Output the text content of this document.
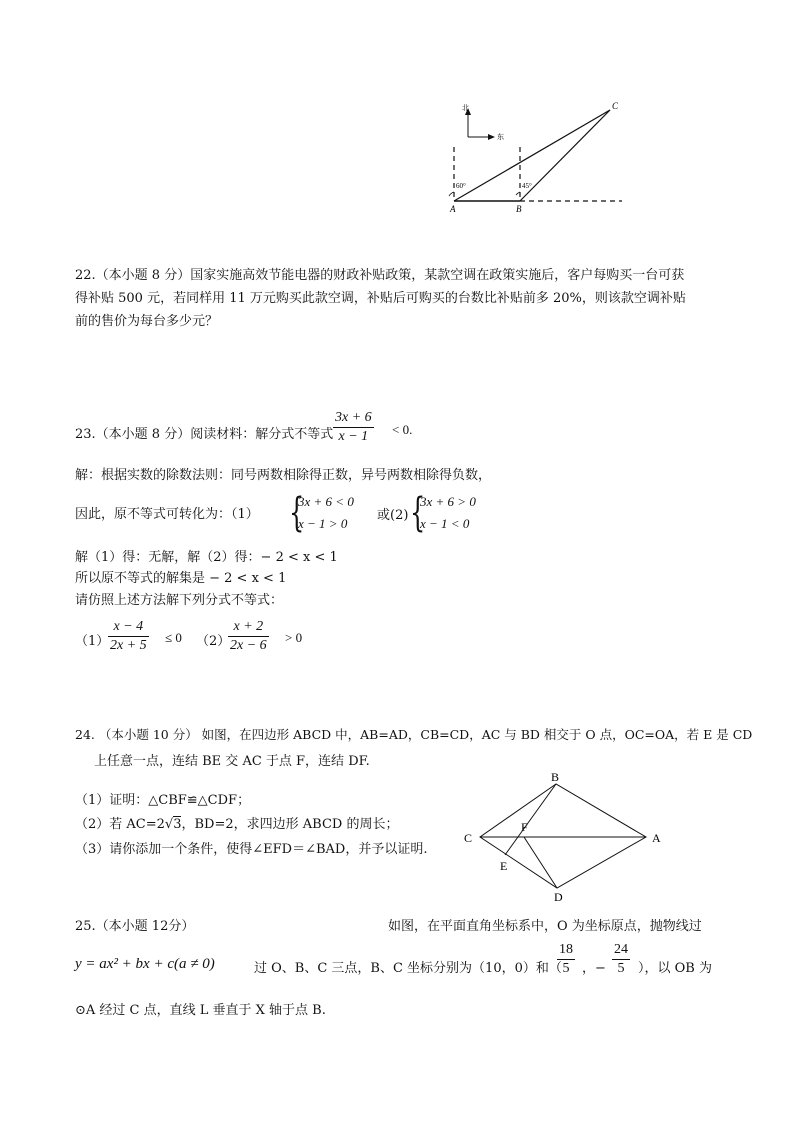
北
东
60°	45°
A	B
C
22.（本小题 8 分）国家实施高效节能电器的财政补贴政策，某款空调在政策实施后，客户每购买一台可获
得补贴 500 元，若同样用 11 万元购买此款空调，补贴后可购买的台数比补贴前多 20%，则该款空调补贴
前的售价为每台多少元？
23.（本小题 8 分）阅读材料：解分式不等式
3x + 6
x − 1	< 0.
解：根据实数的除数法则：同号两数相除得正数，异号两数相除得负数，
因此，原不等式可转化为：（1） {
3x + 6 < 0
x − 1 > 0
或(2) {
3x + 6 > 0
x − 1 < 0
解（1）得：无解，解（2）得：− 2 < x < 1
所以原不等式的解集是 − 2 < x < 1
请仿照上述方法解下列分式不等式：
（1）
x − 4
2x + 5
≤ 0 （2）
x + 2
2x − 6
> 0
24. （本小题 10 分） 如图，在四边形 ABCD 中，AB=AD，CB=CD，AC 与 BD 相交于 O 点，OC=OA，若 E 是 CD
上任意一点，连结 BE 交 AC 于点 F，连结 DF.
（1）证明：△CBF≌△CDF；
（2）若 AC=2√3，BD=2，求四边形 ABCD 的周长；
（3）请你添加一个条件，使得∠EFD＝∠BAD，并予以证明.
B
C
F
A
E
D
25.（本小题 12分）	如图，在平面直角坐标系中，O 为坐标原点，抛物线过
y = ax² + bx + c(a ≠ 0)	过 O、B、C 三点，B、C 坐标分别为（10，0）和（
18
5 ，−
24
5	），以 OB 为
⊙A 经过 C 点，直线 L 垂直于 X 轴于点 B.
